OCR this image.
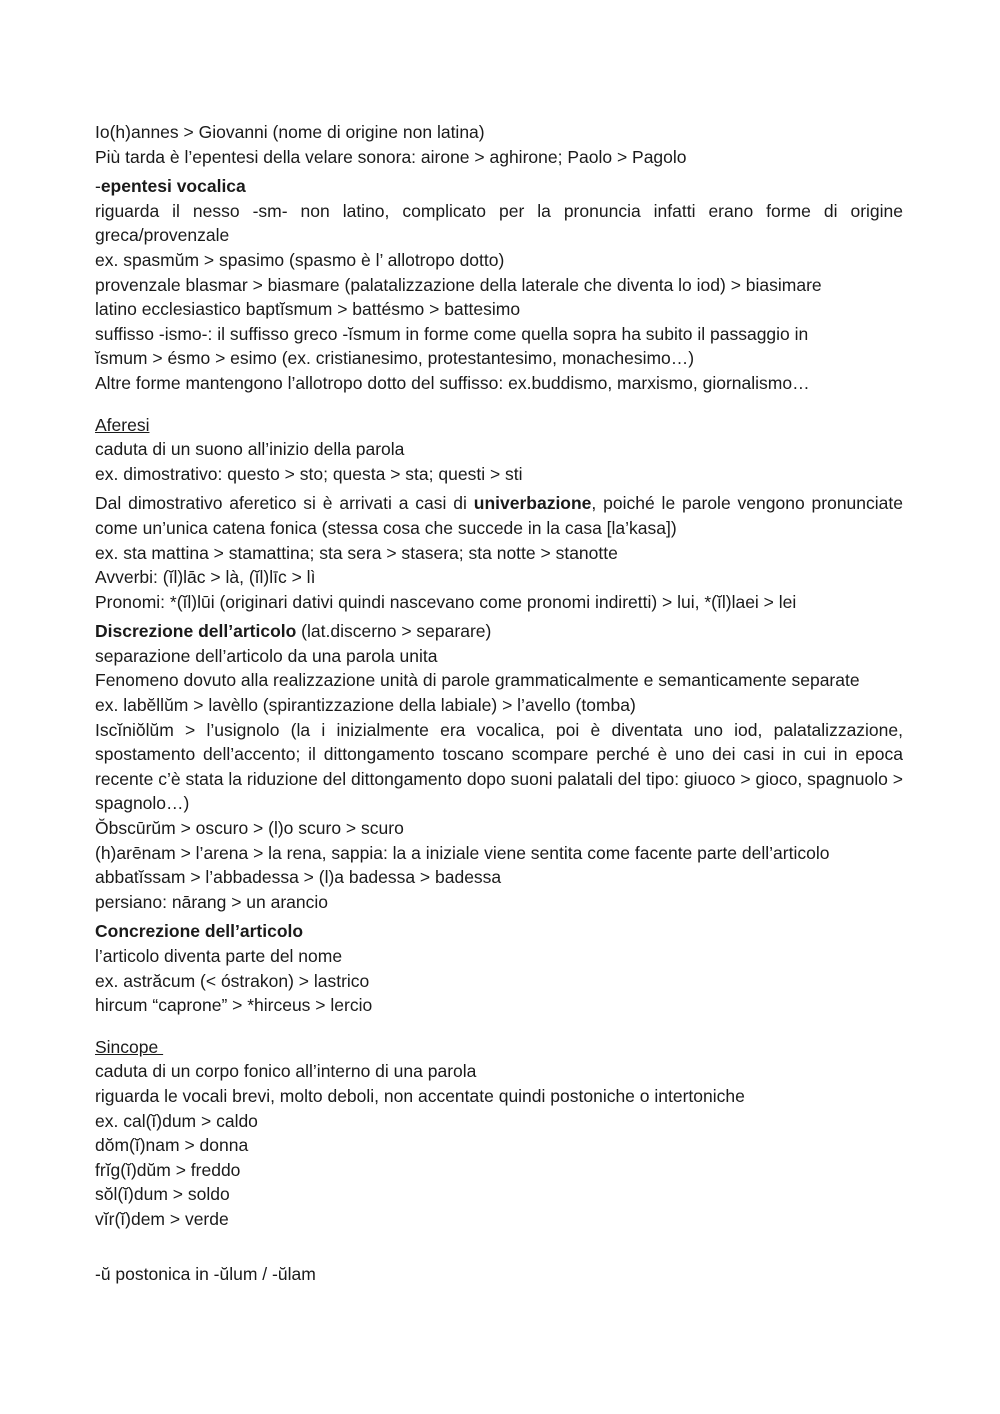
Io(h)annes > Giovanni (nome di origine non latina)
Più tarda è l’epentesi della velare sonora: airone > aghirone; Paolo > Pagolo
-epentesi vocalica
riguarda il nesso -sm- non latino, complicato per la pronuncia infatti erano forme di origine greca/provenzale
ex. spasmŭm > spasimo (spasmo è l’ allotropo dotto)
provenzale blasmar > biasmare (palatalizzazione della laterale che diventa lo iod) > biasimare
latino ecclesiastico baptĭsmum > battésmo > battesimo
suffisso -ismo-: il suffisso greco -ĭsmum in forme come quella sopra ha subito il passaggio in
ĭsmum > ésmo > esimo (ex. cristianesimo, protestantesimo, monachesimo…)
Altre forme mantengono l’allotropo dotto del suffisso: ex.buddismo, marxismo, giornalismo…
Aferesi
caduta di un suono all’inizio della parola
ex. dimostrativo: questo > sto; questa > sta; questi > sti
Dal dimostrativo aferetico si è arrivati a casi di univerbazione, poiché le parole vengono pronunciate come un’unica catena fonica (stessa cosa che succede in la casa [la’kasa])
ex. sta mattina > stamattina; sta sera > stasera; sta notte > stanotte
Avverbi: (ĭl)lāc > là, (ĭl)līc > lì
Pronomi: *(ĭl)lūi (originari dativi quindi nascevano come pronomi indiretti) > lui, *(ĭl)laei > lei
Discrezione dell’articolo (lat.discerno > separare)
separazione dell’articolo da una parola unita
Fenomeno dovuto alla realizzazione unità di parole grammaticalmente e semanticamente separate
ex. labĕllŭm > lavèllo (spirantizzazione della labiale) > l’avello (tomba)
Iscĭniŏlŭm > l’usignolo (la i inizialmente era vocalica, poi è diventata uno iod, palatalizzazione, spostamento dell’accento; il dittongamento toscano scompare perché è uno dei casi in cui in epoca recente c’è stata la riduzione del dittongamento dopo suoni palatali del tipo: giuoco > gioco, spagnuolo > spagnolo…)
Ŏbscūrŭm > oscuro > (l)o scuro > scuro
(h)arēnam > l’arena > la rena, sappia: la a iniziale viene sentita come facente parte dell’articolo
abbatĭssam > l’abbadessa > (l)a badessa > badessa
persiano: nārang > un arancio
Concrezione dell’articolo
l’articolo diventa parte del nome
ex. astrăcum (< óstrakon) > lastrico
hircum “caprone” > *hirceus > lercio
Sincope
caduta di un corpo fonico all’interno di una parola
riguarda le vocali brevi, molto deboli, non accentate quindi postoniche o intertoniche
ex. cal(ĭ)dum > caldo
dŏm(ĭ)nam > donna
frĭg(ĭ)dŭm > freddo
sŏl(ĭ)dum > soldo
vĭr(ĭ)dem > verde
-ŭ postonica in -ŭlum / -ŭlam
